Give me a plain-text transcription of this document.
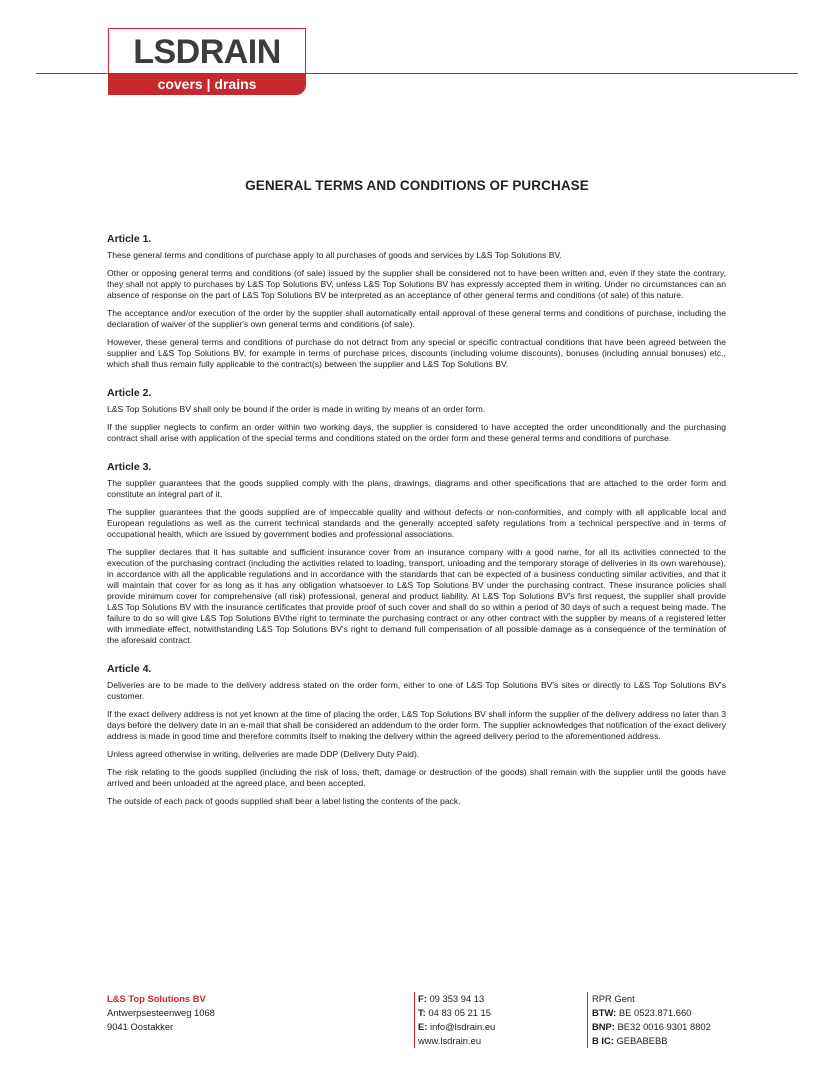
LSDRAIN
covers | drains
GENERAL TERMS AND CONDITIONS OF PURCHASE
Article 1.

These general terms and conditions of purchase apply to all purchases of goods and services by L&S Top Solutions BV.

Other or opposing general terms and conditions (of sale) issued by the supplier shall be considered not to have been written and, even if they state the contrary, they shall not apply to purchases by L&S Top Solutions BV, unless L&S Top Solutions BV has expressly accepted them in writing. Under no circumstances can an absence of response on the part of L&S Top Solutions BV be interpreted as an acceptance of other general terms and conditions (of sale) of this nature.

The acceptance and/or execution of the order by the supplier shall automatically entail approval of these general terms and conditions of purchase, including the declaration of waiver of the supplier's own general terms and conditions (of sale).

However, these general terms and conditions of purchase do not detract from any special or specific contractual conditions that have been agreed between the supplier and L&S Top Solutions BV, for example in terms of purchase prices, discounts (including volume discounts), bonuses (including annual bonuses) etc., which shall thus remain fully applicable to the contract(s) between the supplier and L&S Top Solutions BV.

Article 2.

L&S Top Solutions BV shall only be bound if the order is made in writing by means of an order form.

If the supplier neglects to confirm an order within two working days, the supplier is considered to have accepted the order unconditionally and the purchasing contract shall arise with application of the special terms and conditions stated on the order form and these general terms and conditions of purchase.

Article 3.

The supplier guarantees that the goods supplied comply with the plans, drawings, diagrams and other specifications that are attached to the order form and constitute an integral part of it.

The supplier guarantees that the goods supplied are of impeccable quality and without defects or non-conformities, and comply with all applicable local and European regulations as well as the current technical standards and the generally accepted safety regulations from a technical perspective and in terms of occupational health, which are issued by government bodies and professional associations.

The supplier declares that it has suitable and sufficient insurance cover from an insurance company with a good name, for all its activities connected to the execution of the purchasing contract (including the activities related to loading, transport, unloading and the temporary storage of deliveries in its own warehouse), in accordance with all the applicable regulations and in accordance with the standards that can be expected of a business conducting similar activities, and that it will maintain that cover for as long as it has any obligation whatsoever to L&S Top Solutions BV under the purchasing contract. These insurance policies shall provide minimum cover for comprehensive (all risk) professional, general and product liability. At L&S Top Solutions BV's first request, the supplier shall provide L&S Top Solutions BV with the insurance certificates that provide proof of such cover and shall do so within a period of 30 days of such a request being made. The failure to do so will give L&S Top Solutions BVthe right to terminate the purchasing contract or any other contract with the supplier by means of a registered letter with immediate effect, notwithstanding L&S Top Solutions BV's right to demand full compensation of all possible damage as a consequence of the termination of the aforesaid contract.

Article 4.

Deliveries are to be made to the delivery address stated on the order form, either to one of L&S Top Solutions BV's sites or directly to L&S Top Solutions BV's customer.

If the exact delivery address is not yet known at the time of placing the order, L&S Top Solutions BV shall inform the supplier of the delivery address no later than 3 days before the delivery date in an e-mail that shall be considered an addendum to the order form. The supplier acknowledges that notification of the exact delivery address is made in good time and therefore commits itself to making the delivery within the agreed delivery period to the aforementioned address.

Unless agreed otherwise in writing, deliveries are made DDP (Delivery Duty Paid).

The risk relating to the goods supplied (including the risk of loss, theft, damage or destruction of the goods) shall remain with the supplier until the goods have arrived and been unloaded at the agreed place, and been accepted.

The outside of each pack of goods supplied shall bear a label listing the contents of the pack.

L&S Top Solutions BV
Antwerpsesteenweg 1068
9041 Oostakker
F: 09 353 94 13
T: 04 83 05 21 15
E: info@lsdrain.eu
www.lsdrain.eu
RPR Gent
BTW: BE 0523.871.660
BNP: BE32 0016 9301 8802
B IC: GEBABEBB
